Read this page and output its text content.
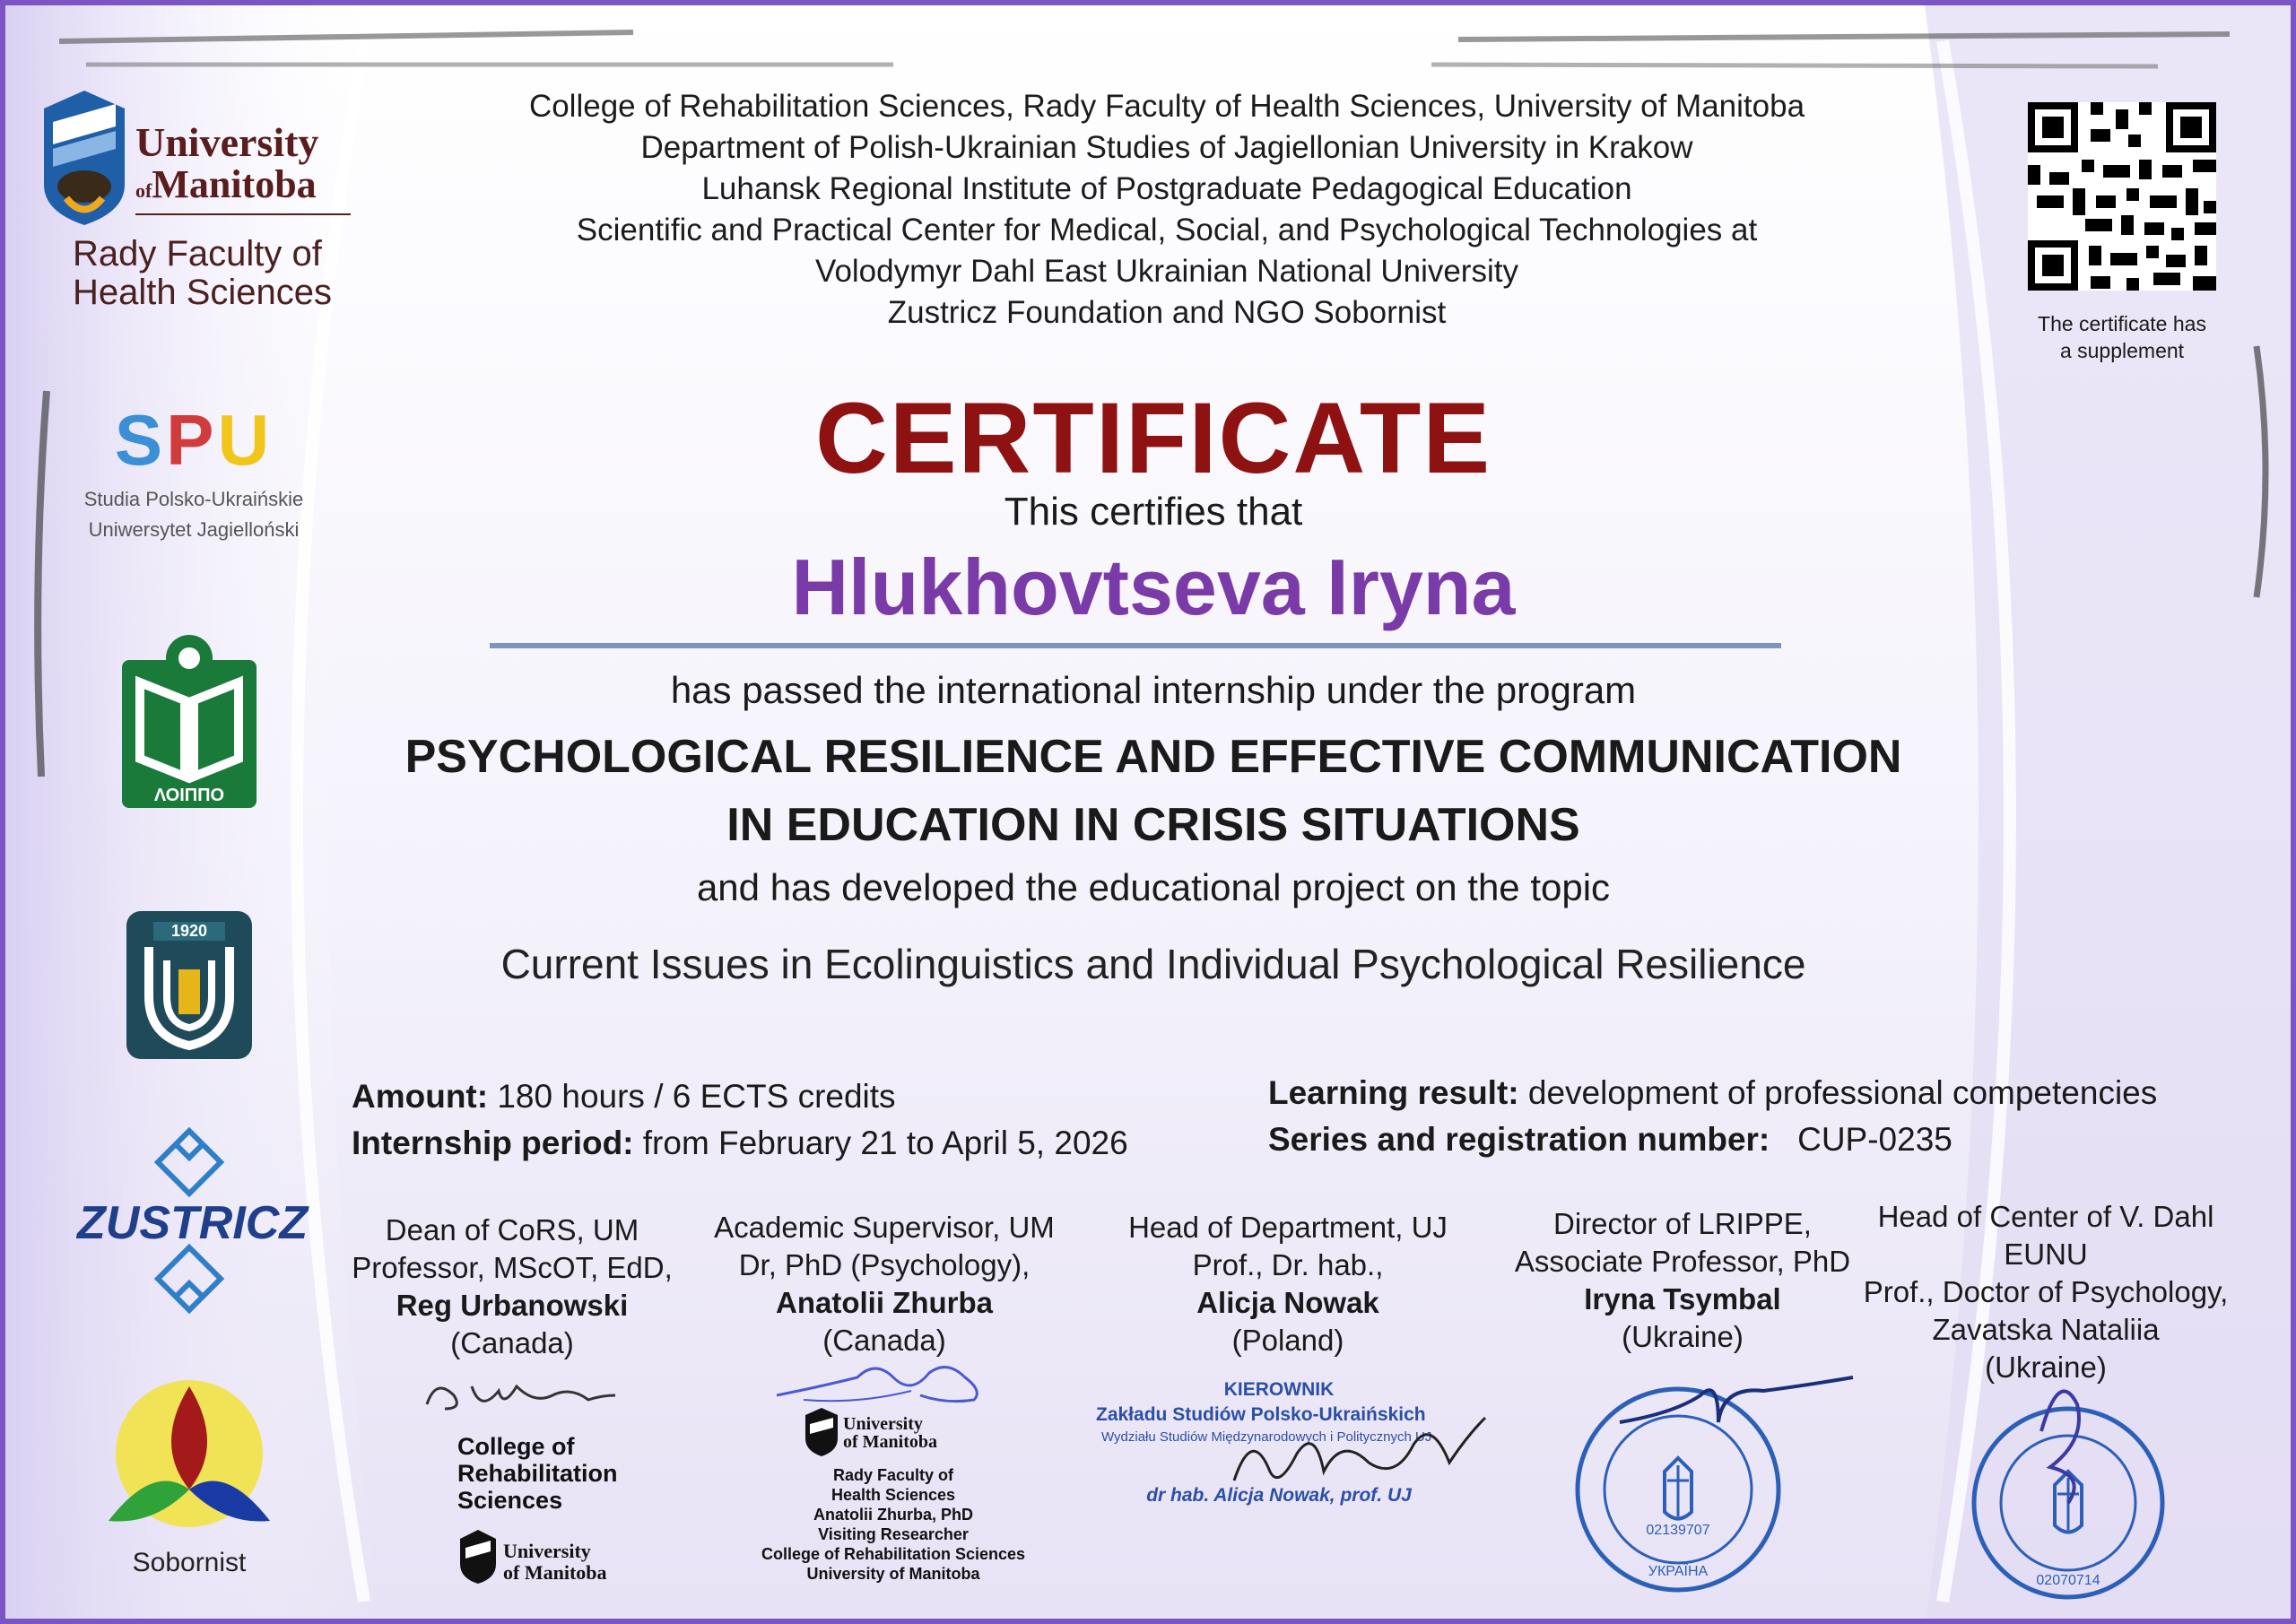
University
ofManitoba
Rady Faculty of
Health Sciences
SPU
Studia Polsko-Ukraińskie
Uniwersytet Jagielloński
ΛΟΙППО
1920
ZUSTRICZ
Sobornist
The certificate has
a supplement
College of Rehabilitation Sciences, Rady Faculty of Health Sciences, University of Manitoba
Department of Polish-Ukrainian Studies of Jagiellonian University in Krakow
Luhansk Regional Institute of Postgraduate Pedagogical Education
Scientific and Practical Center for Medical, Social, and Psychological Technologies at
Volodymyr Dahl East Ukrainian National University
Zustricz Foundation and NGO Sobornist
CERTIFICATE
This certifies that
Hlukhovtseva Iryna
has passed the international internship under the program
PSYCHOLOGICAL RESILIENCE AND EFFECTIVE COMMUNICATION
IN EDUCATION IN CRISIS SITUATIONS
and has developed the educational project on the topic
Current Issues in Ecolinguistics and Individual Psychological Resilience
Amount: 180 hours / 6 ECTS credits
Internship period: from February 21 to April 5, 2026
Learning result: development of professional competencies
Series and registration number: CUP-0235
Dean of CoRS, UM
Professor, MScOT, EdD,
Reg Urbanowski
(Canada)
Academic Supervisor, UM
Dr, PhD (Psychology),
Anatolii Zhurba
(Canada)
Head of Department, UJ
Prof., Dr. hab.,
Alicja Nowak
(Poland)
Director of LRIPPE,
Associate Professor, PhD
Iryna Tsymbal
(Ukraine)
Head of Center of V. Dahl EUNU
Prof., Doctor of Psychology,
Zavatska Nataliia
(Ukraine)
College of
Rehabilitation
Sciences
University
of Manitoba
University
of Manitoba
Rady Faculty of
Health Sciences
Anatolii Zhurba, PhD
Visiting Researcher
College of Rehabilitation Sciences
University of Manitoba
KIEROWNIK
Zakładu Studiów Polsko-Ukraińskich
Wydziału Studiów Międzynarodowych i Politycznych UJ
dr hab. Alicja Nowak, prof. UJ
02139707
УКРАЇНА
02070714
